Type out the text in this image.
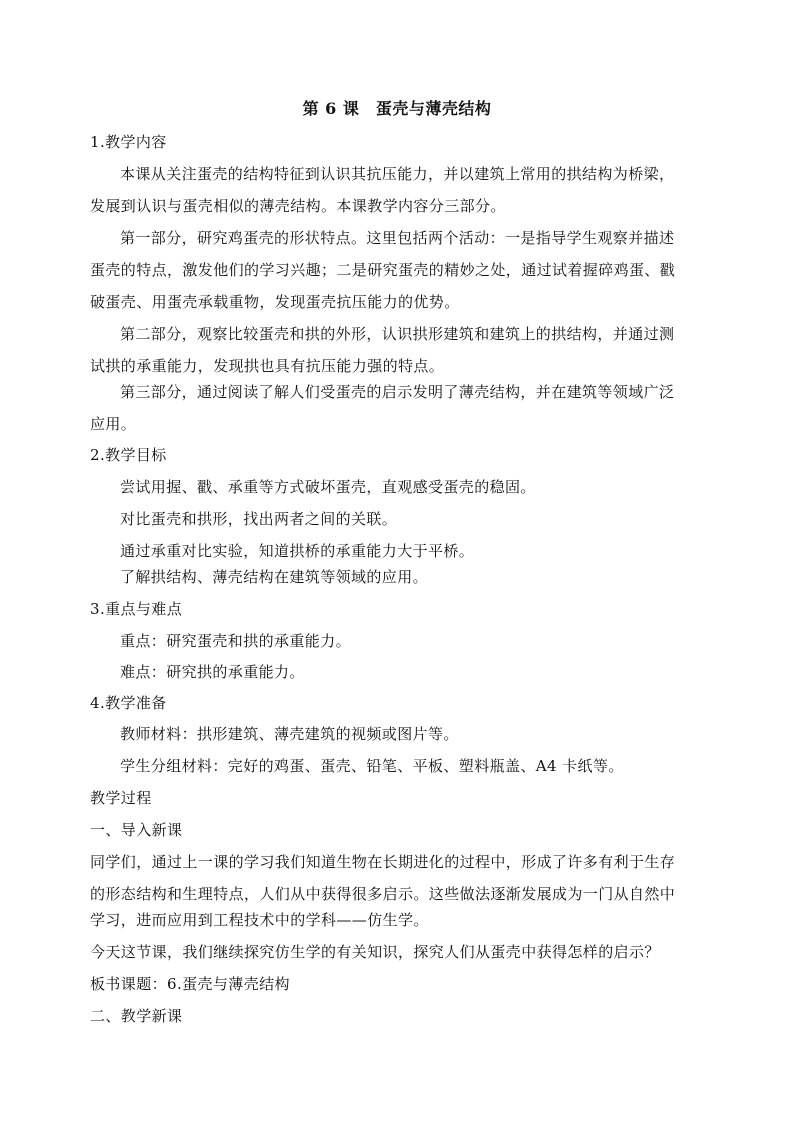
第 6 课　蛋壳与薄壳结构
1.教学内容
本课从关注蛋壳的结构特征到认识其抗压能力，并以建筑上常用的拱结构为桥梁，
发展到认识与蛋壳相似的薄壳结构。本课教学内容分三部分。
第一部分，研究鸡蛋壳的形状特点。这里包括两个活动：一是指导学生观察并描述
蛋壳的特点，激发他们的学习兴趣；二是研究蛋壳的精妙之处，通过试着握碎鸡蛋、戳
破蛋壳、用蛋壳承载重物，发现蛋壳抗压能力的优势。
第二部分，观察比较蛋壳和拱的外形，认识拱形建筑和建筑上的拱结构，并通过测
试拱的承重能力，发现拱也具有抗压能力强的特点。
第三部分，通过阅读了解人们受蛋壳的启示发明了薄壳结构，并在建筑等领域广泛
应用。
2.教学目标
尝试用握、戳、承重等方式破坏蛋壳，直观感受蛋壳的稳固。
对比蛋壳和拱形，找出两者之间的关联。
通过承重对比实验，知道拱桥的承重能力大于平桥。
了解拱结构、薄壳结构在建筑等领域的应用。
3.重点与难点
重点：研究蛋壳和拱的承重能力。
难点：研究拱的承重能力。
4.教学准备
教师材料：拱形建筑、薄壳建筑的视频或图片等。
学生分组材料：完好的鸡蛋、蛋壳、铅笔、平板、塑料瓶盖、A4 卡纸等。
教学过程
一、导入新课
同学们，通过上一课的学习我们知道生物在长期进化的过程中，形成了许多有利于生存
的形态结构和生理特点，人们从中获得很多启示。这些做法逐渐发展成为一门从自然中
学习，进而应用到工程技术中的学科——仿生学。
今天这节课，我们继续探究仿生学的有关知识，探究人们从蛋壳中获得怎样的启示？
板书课题：6.蛋壳与薄壳结构
二、教学新课
